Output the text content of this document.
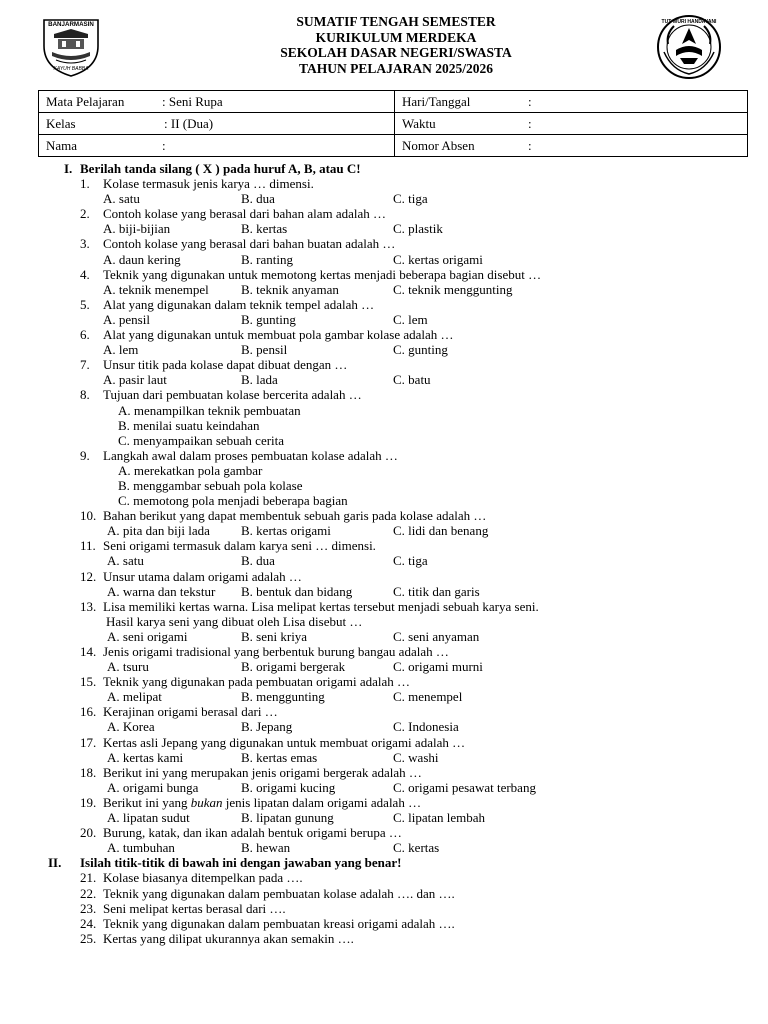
BANJARMASIN
KAYUH BABBA
TUT WURI HANDAYANI
SUMATIF TENGAH SEMESTER
KURIKULUM MERDEKA
SEKOLAH DASAR NEGERI/SWASTA
TAHUN PELAJARAN 2025/2026
Mata Pelajaran : Seni Rupa	Hari/Tanggal :
Kelas : II (Dua)	Waktu :
Nama :	Nomor Absen :
I. Berilah tanda silang ( X ) pada huruf A, B, atau C!
1.	Kolase termasuk jenis karya … dimensi.
A. satu	B. dua	C. tiga
2.	Contoh kolase yang berasal dari bahan alam adalah …
A. biji-bijian	B. kertas	C. plastik
3.	Contoh kolase yang berasal dari bahan buatan adalah …
A. daun kering	B. ranting	C. kertas origami
4.	Teknik yang digunakan untuk memotong kertas menjadi beberapa bagian disebut …
A. teknik menempel B. teknik anyaman	C. teknik menggunting
5.	Alat yang digunakan dalam teknik tempel adalah …
A. pensil	B. gunting	C. lem
6.	Alat yang digunakan untuk membuat pola gambar kolase adalah …
A. lem	B. pensil	C. gunting
7.	Unsur titik pada kolase dapat dibuat dengan …
A. pasir laut	B. lada	C. batu
8.	Tujuan dari pembuatan kolase bercerita adalah …
A. menampilkan teknik pembuatan
B. menilai suatu keindahan
C. menyampaikan sebuah cerita
9.	Langkah awal dalam proses pembuatan kolase adalah …
A. merekatkan pola gambar
B. menggambar sebuah pola kolase
C. memotong pola menjadi beberapa bagian
10. Bahan berikut yang dapat membentuk sebuah garis pada kolase adalah …
A. pita dan biji lada B. kertas origami	C. lidi dan benang
11. Seni origami termasuk dalam karya seni … dimensi.
A. satu	B. dua	C. tiga
12. Unsur utama dalam origami adalah …
A. warna dan tekstur B. bentuk dan bidang	C. titik dan garis
13. Lisa memiliki kertas warna. Lisa melipat kertas tersebut menjadi sebuah karya seni.
Hasil karya seni yang dibuat oleh Lisa disebut …
A. seni origami	B. seni kriya	C. seni anyaman
14. Jenis origami tradisional yang berbentuk burung bangau adalah …
A. tsuru	B. origami bergerak	C. origami murni
15. Teknik yang digunakan pada pembuatan origami adalah …
A. melipat	B. menggunting	C. menempel
16. Kerajinan origami berasal dari …
A. Korea	B. Jepang	C. Indonesia
17. Kertas asli Jepang yang digunakan untuk membuat origami adalah …
A. kertas kami	B. kertas emas	C. washi
18. Berikut ini yang merupakan jenis origami bergerak adalah …
A. origami bunga	B. origami kucing	C. origami pesawat terbang
19. Berikut ini yang bukan jenis lipatan dalam origami adalah …
A. lipatan sudut	B. lipatan gunung	C. lipatan lembah
20. Burung, katak, dan ikan adalah bentuk origami berupa …
A. tumbuhan	B. hewan	C. kertas
II. Isilah titik-titik di bawah ini dengan jawaban yang benar!
21. Kolase biasanya ditempelkan pada ….
22. Teknik yang digunakan dalam pembuatan kolase adalah …. dan ….
23. Seni melipat kertas berasal dari ….
24. Teknik yang digunakan dalam pembuatan kreasi origami adalah ….
25. Kertas yang dilipat ukurannya akan semakin ….
